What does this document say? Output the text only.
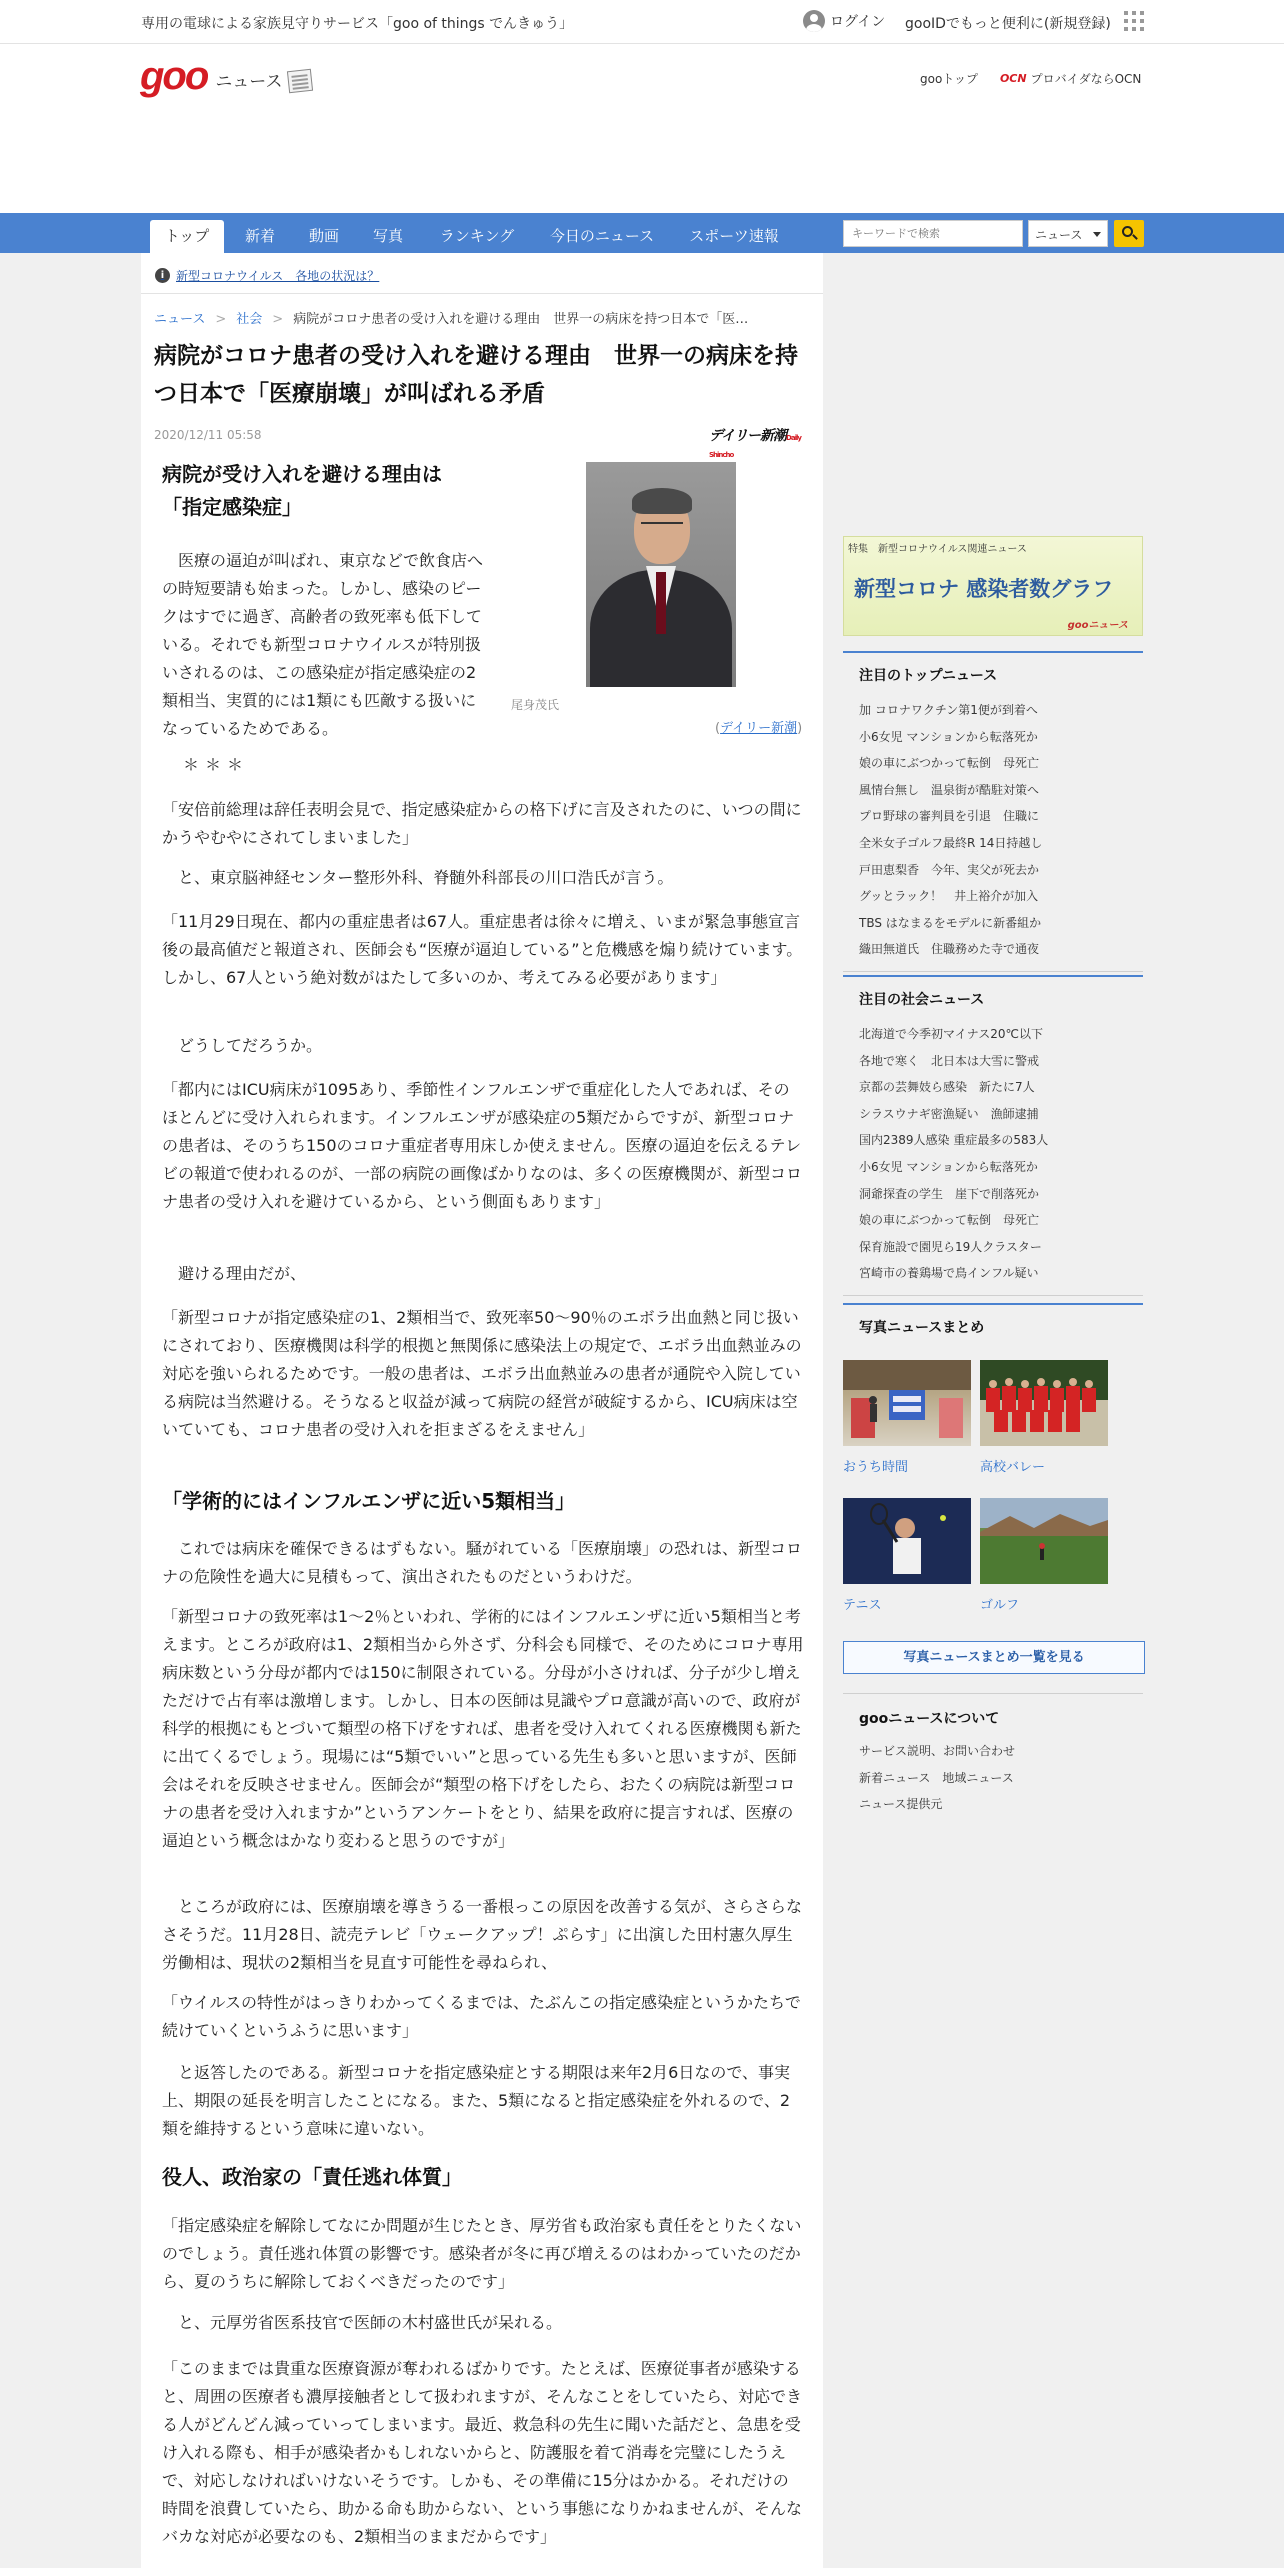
専用の電球による家族見守りサービス「goo of things でんきゅう」	ログイン gooIDでもっと便利に(新規登録)
goo ニュース	gooトップ OCN プロバイダならOCN
トップ	新着	動画	写真	ランキング	今日のニュース	スポーツ速報
キーワードで検索	ニュース
i 新型コロナウイルス　各地の状況は？
ニュース > 社会 > 病院がコロナ患者の受け入れを避ける理由　世界一の病床を持つ日本で「医…
病院がコロナ患者の受け入れを避ける理由　世界一の病床を持つ日本で「医療崩壊」が叫ばれる矛盾
2020/12/11 05:58	デイリー新潮Daily Shincho
病院が受け入れを避ける理由は「指定感染症」
尾身茂氏

医療の逼迫が叫ばれ、東京などで飲食店への時短要請も始まった。しかし、感染のピークはすでに過ぎ、高齢者の致死率も低下している。それでも新型コロナウイルスが特別扱いされるのは、この感染症が指定感染症の2類相当、実質的には1類にも匹敵する扱いになっているためである。	(デイリー新潮)
＊＊＊

「安倍前総理は辞任表明会見で、指定感染症からの格下げに言及されたのに、いつの間にかうやむやにされてしまいました」

と、東京脳神経センター整形外科、脊髄外科部長の川口浩氏が言う。

「11月29日現在、都内の重症患者は67人。重症患者は徐々に増え、いまが緊急事態宣言後の最高値だと報道され、医師会も“医療が逼迫している”と危機感を煽り続けています。しかし、67人という絶対数がはたして多いのか、考えてみる必要があります」

どうしてだろうか。

「都内にはICU病床が1095あり、季節性インフルエンザで重症化した人であれば、そのほとんどに受け入れられます。インフルエンザが感染症の5類だからですが、新型コロナの患者は、そのうち150のコロナ重症者専用床しか使えません。医療の逼迫を伝えるテレビの報道で使われるのが、一部の病院の画像ばかりなのは、多くの医療機関が、新型コロナ患者の受け入れを避けているから、という側面もあります」

避ける理由だが、

「新型コロナが指定感染症の1、2類相当で、致死率50〜90％のエボラ出血熱と同じ扱いにされており、医療機関は科学的根拠と無関係に感染法上の規定で、エボラ出血熱並みの対応を強いられるためです。一般の患者は、エボラ出血熱並みの患者が通院や入院している病院は当然避ける。そうなると収益が減って病院の経営が破綻するから、ICU病床は空いていても、コロナ患者の受け入れを拒まざるをえません」

「学術的にはインフルエンザに近い5類相当」

これでは病床を確保できるはずもない。騒がれている「医療崩壊」の恐れは、新型コロナの危険性を過大に見積もって、演出されたものだというわけだ。

「新型コロナの致死率は1〜2％といわれ、学術的にはインフルエンザに近い5類相当と考えます。ところが政府は1、2類相当から外さず、分科会も同様で、そのためにコロナ専用病床数という分母が都内では150に制限されている。分母が小さければ、分子が少し増えただけで占有率は激増します。しかし、日本の医師は見識やプロ意識が高いので、政府が科学的根拠にもとづいて類型の格下げをすれば、患者を受け入れてくれる医療機関も新たに出てくるでしょう。現場には“5類でいい”と思っている先生も多いと思いますが、医師会はそれを反映させません。医師会が“類型の格下げをしたら、おたくの病院は新型コロナの患者を受け入れますか”というアンケートをとり、結果を政府に提言すれば、医療の逼迫という概念はかなり変わると思うのですが」

ところが政府には、医療崩壊を導きうる一番根っこの原因を改善する気が、さらさらなさそうだ。11月28日、読売テレビ「ウェークアップ！ぷらす」に出演した田村憲久厚生労働相は、現状の2類相当を見直す可能性を尋ねられ、

「ウイルスの特性がはっきりわかってくるまでは、たぶんこの指定感染症というかたちで続けていくというふうに思います」

と返答したのである。新型コロナを指定感染症とする期限は来年2月6日なので、事実上、期限の延長を明言したことになる。また、5類になると指定感染症を外れるので、2類を維持するという意味に違いない。

役人、政治家の「責任逃れ体質」

「指定感染症を解除してなにか問題が生じたとき、厚労省も政治家も責任をとりたくないのでしょう。責任逃れ体質の影響です。感染者が冬に再び増えるのはわかっていたのだから、夏のうちに解除しておくべきだったのです」

と、元厚労省医系技官で医師の木村盛世氏が呆れる。

「このままでは貴重な医療資源が奪われるばかりです。たとえば、医療従事者が感染すると、周囲の医療者も濃厚接触者として扱われますが、そんなことをしていたら、対応できる人がどんどん減っていってしまいます。最近、救急科の先生に聞いた話だと、急患を受け入れる際も、相手が感染者かもしれないからと、防護服を着て消毒を完璧にしたうえで、対応しなければいけないそうです。しかも、その準備に15分はかかる。それだけの時間を浪費していたら、助かる命も助からない、という事態になりかねませんが、そんなバカな対応が必要なのも、2類相当のままだからです」

特集　新型コロナウイルス関連ニュース
新型コロナ 感染者数グラフ
gooニュース
注目のトップニュース
加 コロナワクチン第1便が到着へ
小6女児 マンションから転落死か
娘の車にぶつかって転倒　母死亡
風情台無し　温泉街が酷駐対策へ
プロ野球の審判員を引退　住職に
全米女子ゴルフ最終R 14日持越し
戸田恵梨香　今年、実父が死去か
グッとラック！　井上裕介が加入
TBS はなまるをモデルに新番組か
織田無道氏　住職務めた寺で通夜
注目の社会ニュース
北海道で今季初マイナス20℃以下
各地で寒く　北日本は大雪に警戒
京都の芸舞妓ら感染　新たに7人
シラスウナギ密漁疑い　漁師逮捕
国内2389人感染 重症最多の583人
小6女児 マンションから転落死か
洞爺探査の学生　崖下で削落死か
娘の車にぶつかって転倒　母死亡
保育施設で園児ら19人クラスター
宮崎市の養鶏場で鳥インフル疑い
写真ニュースまとめ
おうち時間	高校バレー
テニス	ゴルフ
写真ニュースまとめ一覧を見る
gooニュースについて
サービス説明、お問い合わせ
新着ニュース　地域ニュース
ニュース提供元
